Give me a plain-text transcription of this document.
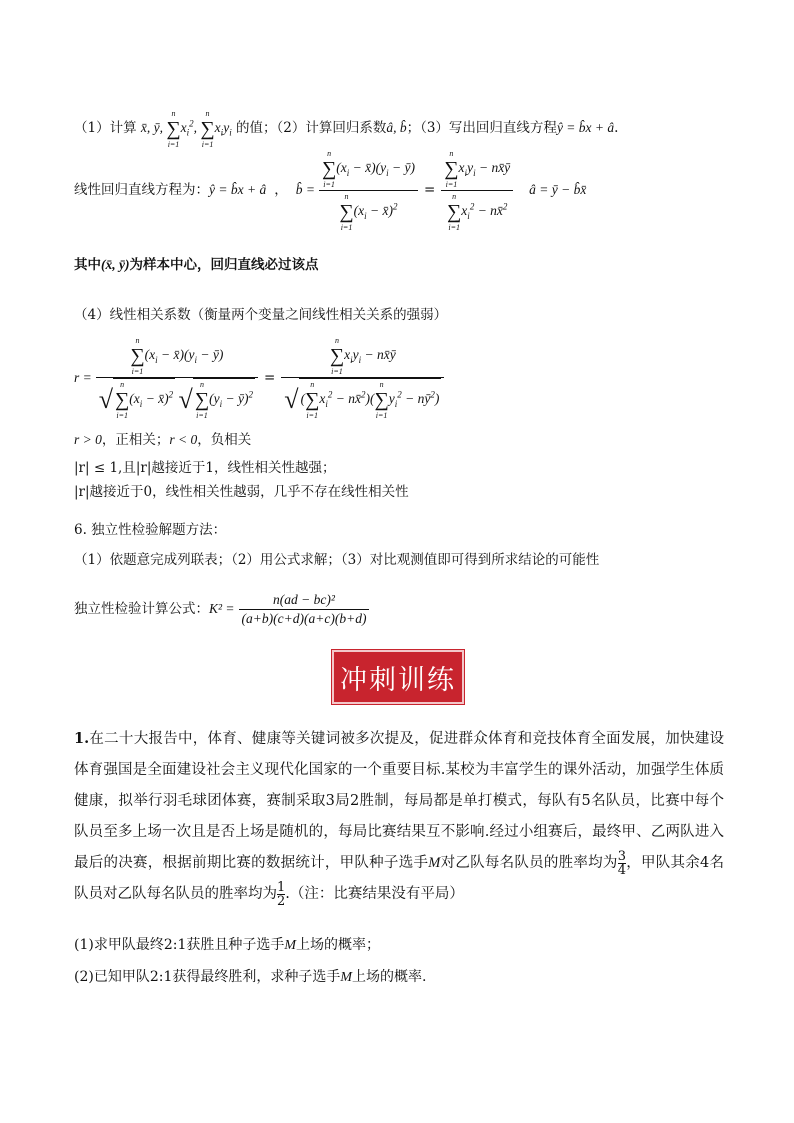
（1）计算 x̄, ȳ,
n
∑
i=1
$x_i^2$,
n
∑
i=1
$x_iy_i$ 的值；（2）计算回归系数â, b̂；（3）写出回归直线方程ŷ = b̂x + â.
线性回归直线方程为： ŷ = b̂x + â ， b̂ = n
∑
i=1
($x_i$ − $x̄)(y_i$ − ȳ)
n
∑
i=1
($x_i$ − x̄)$^2$ = n
∑
i=1
$x_iy_i$ − nx̄ȳ
n
∑
i=1
$x_i^2$ − nx̄$^2$ â = ȳ − b̂x̄
其中(x̄, ȳ)为样本中心，回归直线必过该点
（4）线性相关系数（衡量两个变量之间线性相关关系的强弱）
r = n
∑
i=1
($x_i$ − $x̄)(y_i$ − ȳ)
√
n
∑
i=1
($x_i$ − x̄)$^2$ √
n
∑
i=1
($y_i$ − ȳ)$^2$ = n
∑
i=1
$x_iy_i$ − nx̄ȳ
√ (
n
∑
i=1
$x_i^2$ − nx̄$^2$)(
n
∑
i=1
$y_i^2$ − $nȳ^2$)
r > 0，正相关；r < 0，负相关
|r| ≤ 1,且|r|越接近于1，线性相关性越强；
|r|越接近于0，线性相关性越弱，几乎不存在线性相关性
6. 独立性检验解题方法：
（1）依题意完成列联表；（2）用公式求解；（3）对比观测值即可得到所求结论的可能性
独立性检验计算公式： $K^2 = \frac{\text{n(ad − bc)²}}{(a+b)(c+d)(a+c)(b+d)}$
冲刺训练
1.在二十大报告中，体育、健康等关键词被多次提及，促进群众体育和竞技体育全面发展，加快建设体育强国是全面建设社会主义现代化国家的一个重要目标.某校为丰富学生的课外活动，加强学生体质健康，拟举行羽毛球团体赛，赛制采取3局2胜制，每局都是单打模式，每队有5名队员，比赛中每个队员至多上场一次且是否上场是随机的，每局比赛结果互不影响.经过小组赛后，最终甲、乙两队进入最后的决赛，根据前期比赛的数据统计，甲队种子选手M对乙队每名队员的胜率均为 $\frac{3}{4}$ ，甲队其余4名队员对乙队每名队员的胜率均为 $\frac{1}{2}$ .（注：比赛结果没有平局）
(1)求甲队最终2:1获胜且种子选手M上场的概率；
(2)已知甲队2:1获得最终胜利，求种子选手M上场的概率.
